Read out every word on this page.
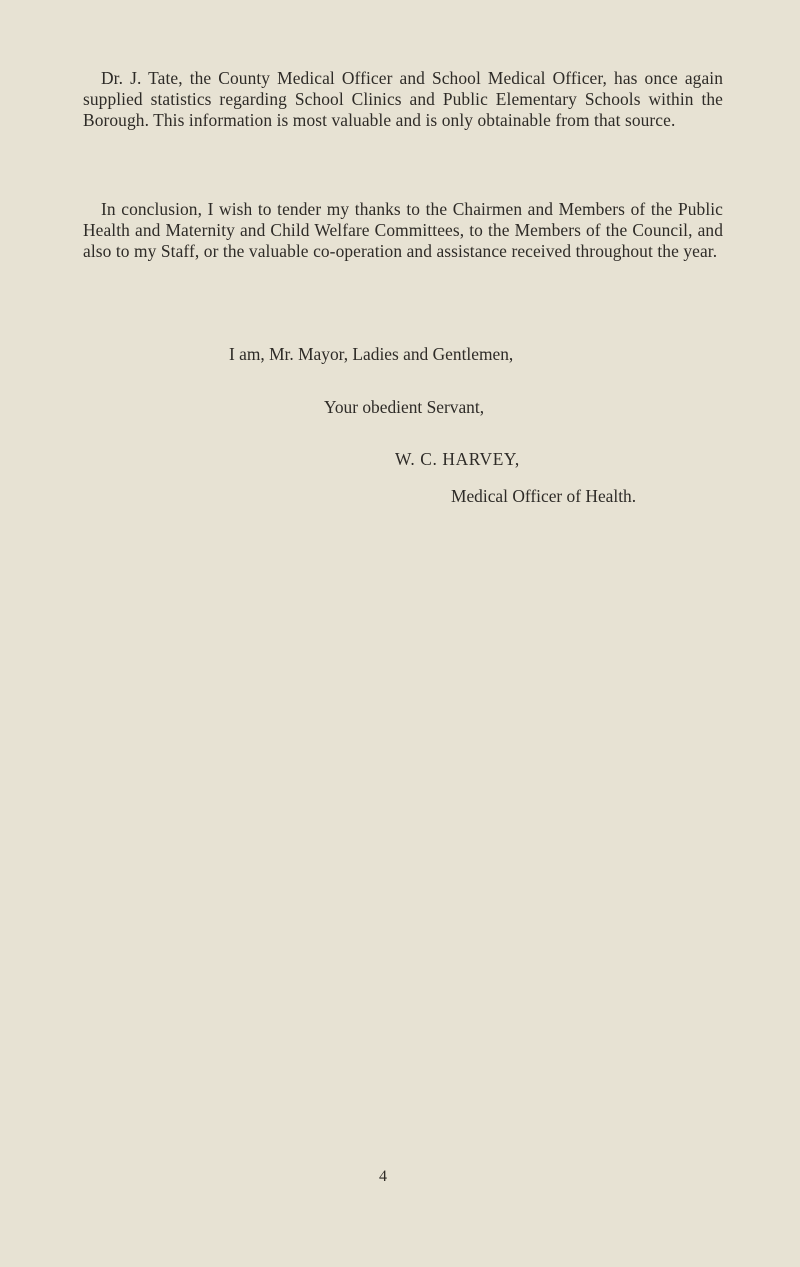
Dr. J. Tate, the County Medical Officer and School Medical Officer, has once again supplied statistics regarding School Clinics and Public Elementary Schools within the Borough. This information is most valuable and is only obtainable from that source.

In conclusion, I wish to tender my thanks to the Chairmen and Members of the Public Health and Maternity and Child Welfare Committees, to the Members of the Council, and also to my Staff, or the valuable co-operation and assistance received throughout the year.

I am, Mr. Mayor, Ladies and Gentlemen,
Your obedient Servant,
W. C. HARVEY,
Medical Officer of Health.
4
